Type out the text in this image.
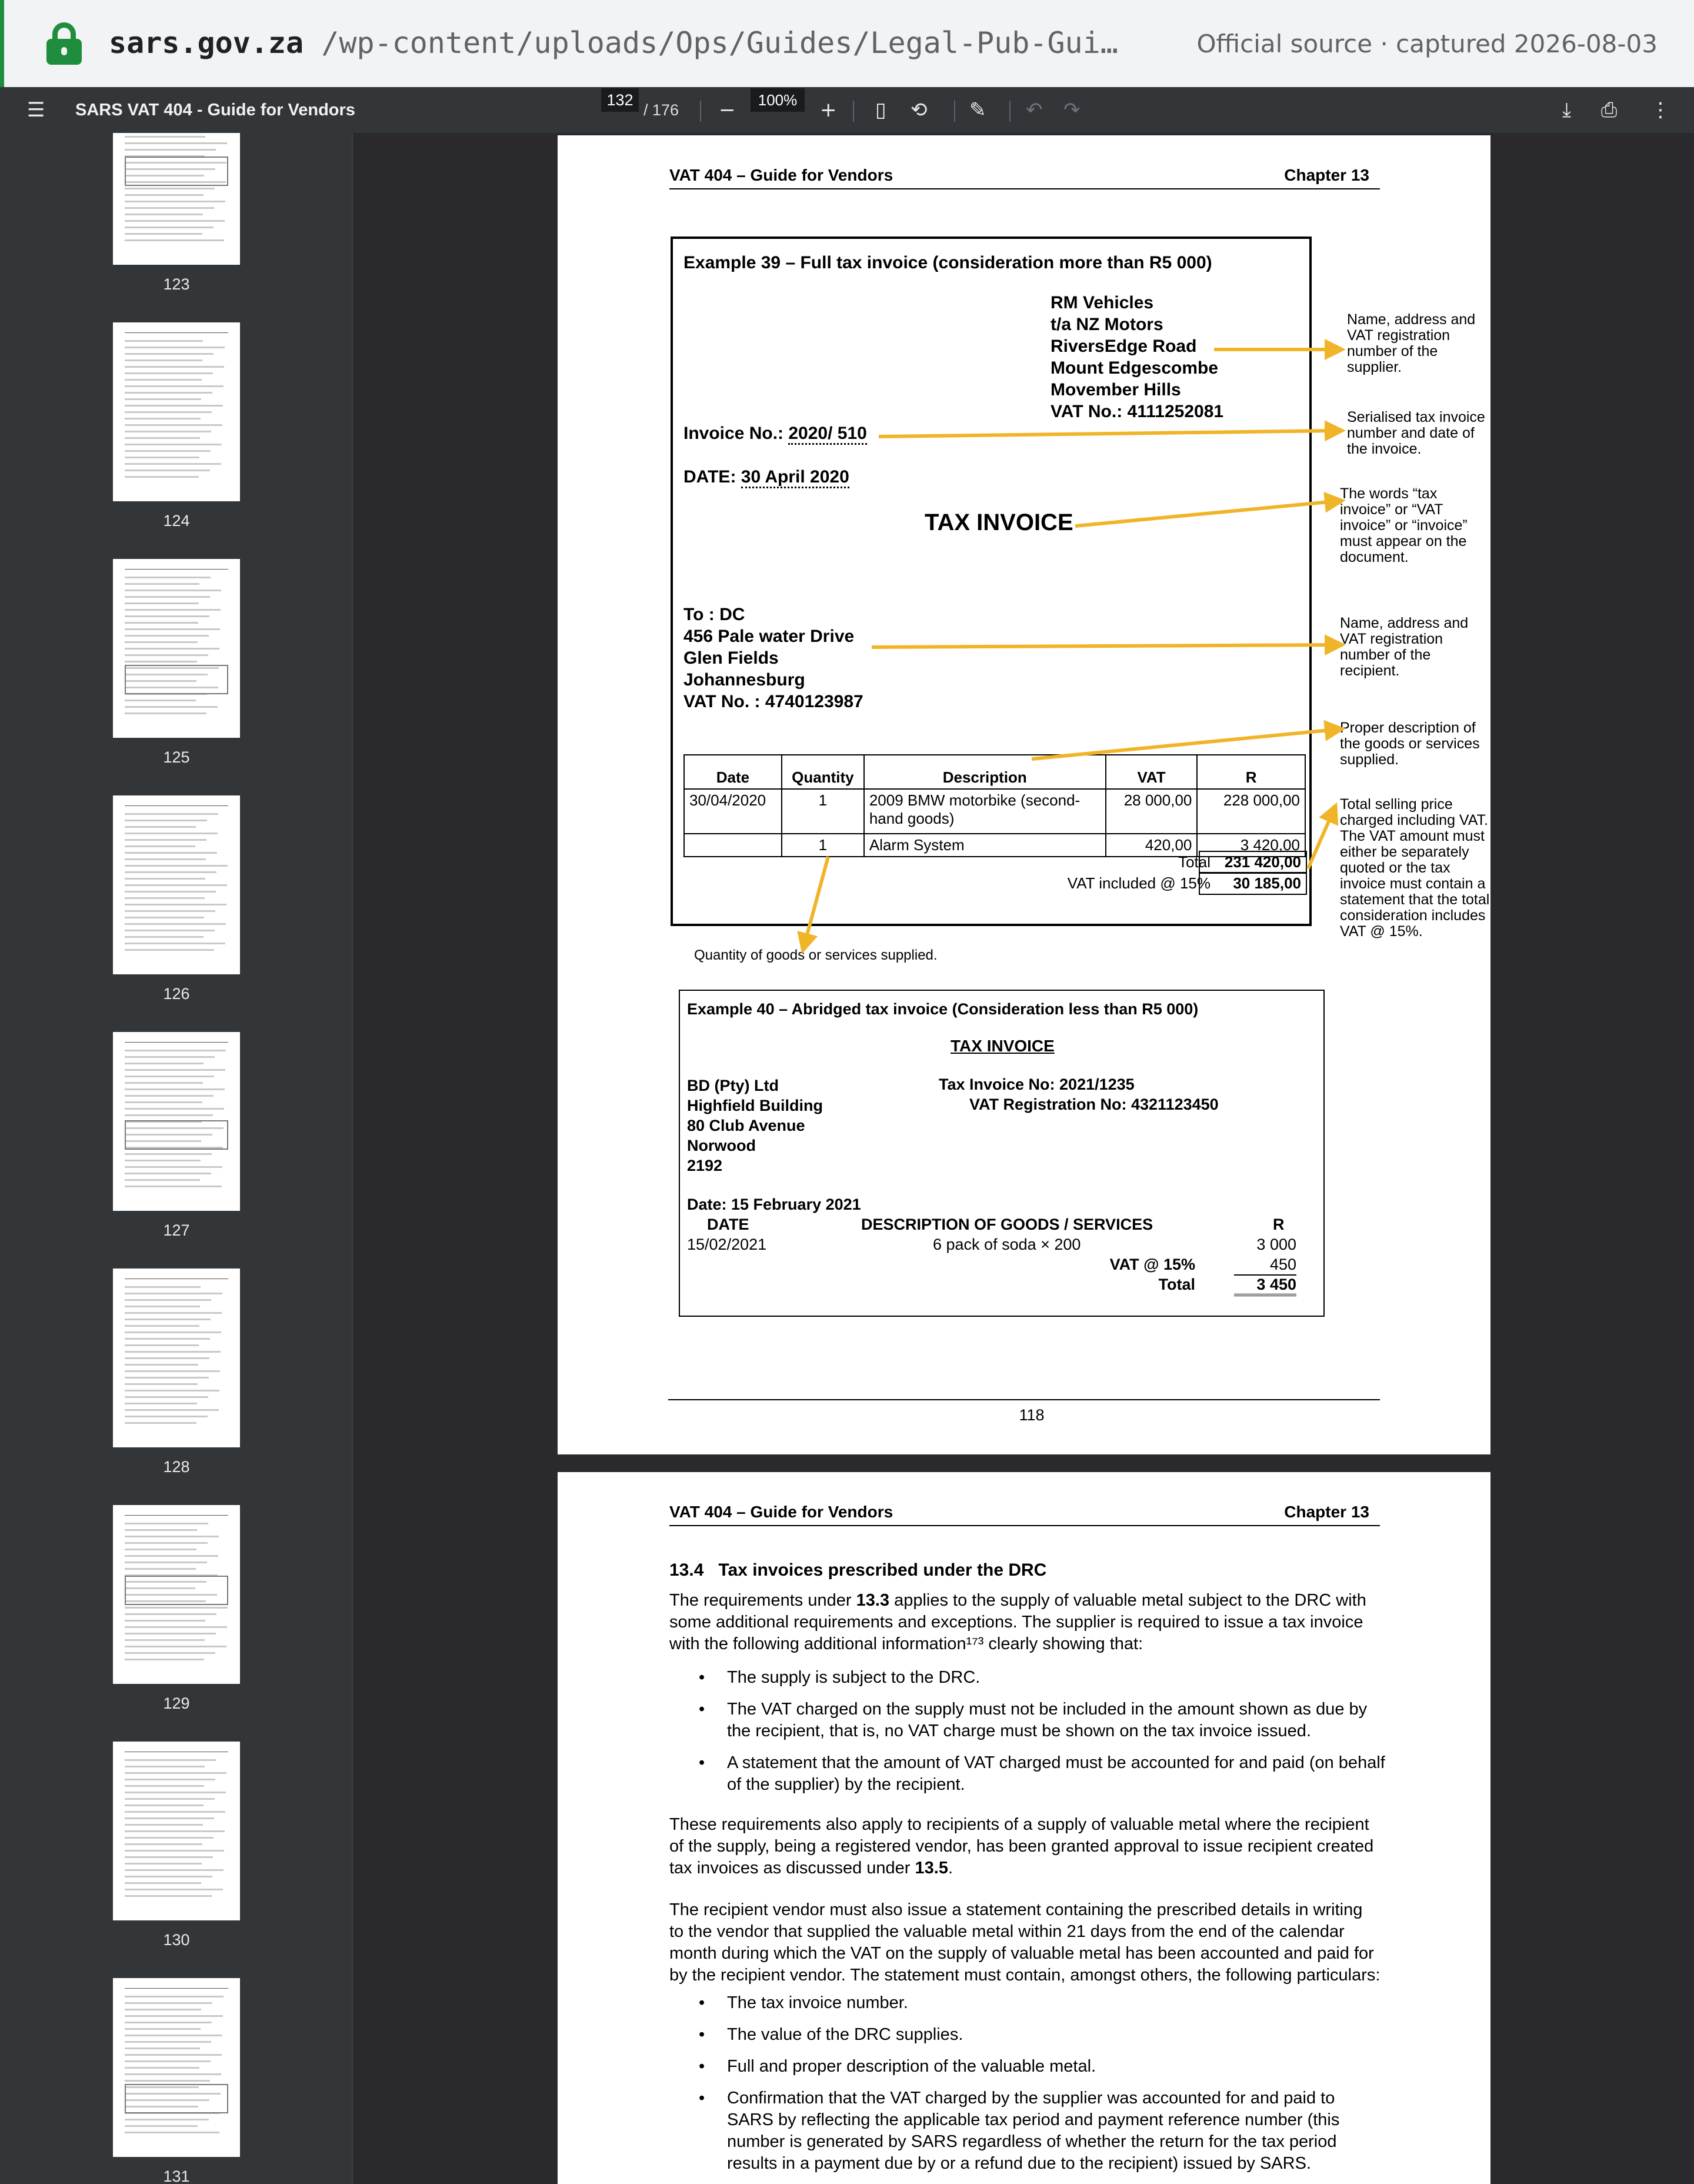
sars.gov.za /wp-content/uploads/Ops/Guides/Legal-Pub-Gui…	Official source · captured 2026-08-03
☰ SARS VAT 404 - Guide for Vendors	−	+ ▯ ⟲ ✎ ↶ ↷	⤓ ⎙ ⋮
132
/ 176
100%
123
124
125
126
127
128
129
130
131
VAT 404 – Guide for Vendors	Chapter 13
Example 39 – Full tax invoice (consideration more than R5 000)
RM Vehicles
t/a NZ Motors
RiversEdge Road
Mount Edgescombe
Movember Hills
VAT No.: 4111252081
Invoice No.: 2020/ 510
DATE: 30 April 2020
TAX INVOICE
To : DC
456 Pale water Drive
Glen Fields
Johannesburg
VAT No. : 4740123987
Date	Quantity	Description	VAT	R
30/04/2020	1	2009 BMW motorbike (second-hand goods)	28 000,00	228 000,00
	1	Alarm System	420,00	3 420,00
Total 231 420,00
VAT included @ 15%	30 185,00
Quantity of goods or services supplied.
Name, address and VAT registration number of the supplier.
Serialised tax invoice number and date of the invoice.
The words “tax invoice” or “VAT invoice” or “invoice” must appear on the document.
Name, address and VAT registration number of the recipient.
Proper description of the goods or services supplied.
Total selling price charged including VAT. The VAT amount must either be separately quoted or the tax invoice must contain a statement that the total consideration includes VAT @ 15%.
Example 40 – Abridged tax invoice (Consideration less than R5 000)
TAX INVOICE
BD (Pty) Ltd
Highfield Building
80 Club Avenue
Norwood
2192
Tax Invoice No: 2021/1235
VAT Registration No: 4321123450
Date: 15 February 2021
DATE	DESCRIPTION OF GOODS / SERVICES	R
15/02/2021	6 pack of soda × 200	3 000
VAT @ 15%	450
Total	3 450
118
VAT 404 – Guide for Vendors	Chapter 13
13.4 Tax invoices prescribed under the DRC
The requirements under 13.3 applies to the supply of valuable metal subject to the DRC with
some additional requirements and exceptions. The supplier is required to issue a tax invoice
with the following additional information¹⁷³ clearly showing that:
• The supply is subject to the DRC.
• The VAT charged on the supply must not be included in the amount shown as due by
the recipient, that is, no VAT charge must be shown on the tax invoice issued.
• A statement that the amount of VAT charged must be accounted for and paid (on behalf
of the supplier) by the recipient.
These requirements also apply to recipients of a supply of valuable metal where the recipient
of the supply, being a registered vendor, has been granted approval to issue recipient created
tax invoices as discussed under 13.5.
The recipient vendor must also issue a statement containing the prescribed details in writing
to the vendor that supplied the valuable metal within 21 days from the end of the calendar
month during which the VAT on the supply of valuable metal has been accounted and paid for
by the recipient vendor. The statement must contain, amongst others, the following particulars:
• The tax invoice number.
• The value of the DRC supplies.
• Full and proper description of the valuable metal.
• Confirmation that the VAT charged by the supplier was accounted for and paid to
SARS by reflecting the applicable tax period and payment reference number (this
number is generated by SARS regardless of whether the return for the tax period
results in a payment due by or a refund due to the recipient) issued by SARS.
